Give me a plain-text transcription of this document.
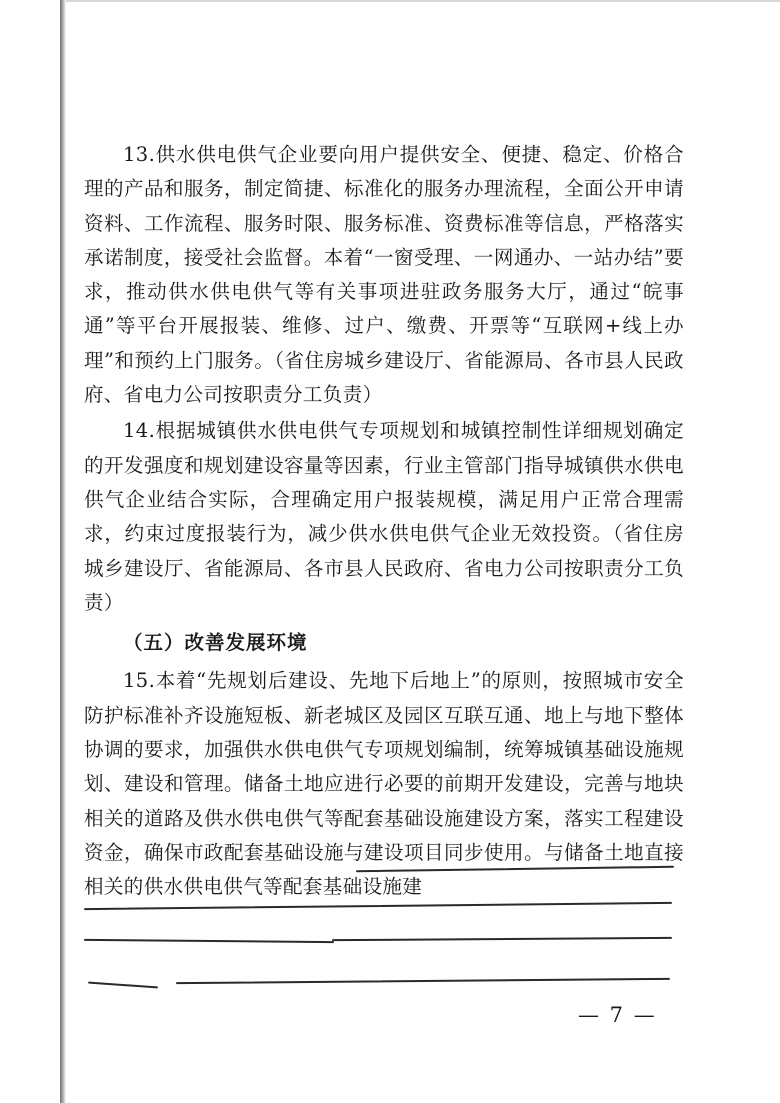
13.供水供电供气企业要向用户提供安全、便捷、稳定、价格合理的产品和服务，制定简捷、标准化的服务办理流程，全面公开申请资料、工作流程、服务时限、服务标准、资费标准等信息，严格落实承诺制度，接受社会监督。本着“一窗受理、一网通办、一站办结”要求，推动供水供电供气等有关事项进驻政务服务大厅，通过“皖事通”等平台开展报装、维修、过户、缴费、开票等“互联网+线上办理”和预约上门服务。（省住房城乡建设厅、省能源局、各市县人民政府、省电力公司按职责分工负责）

14.根据城镇供水供电供气专项规划和城镇控制性详细规划确定的开发强度和规划建设容量等因素，行业主管部门指导城镇供水供电供气企业结合实际，合理确定用户报装规模，满足用户正常合理需求，约束过度报装行为，减少供水供电供气企业无效投资。（省住房城乡建设厅、省能源局、各市县人民政府、省电力公司按职责分工负责）

（五）改善发展环境

15.本着“先规划后建设、先地下后地上”的原则，按照城市安全防护标准补齐设施短板、新老城区及园区互联互通、地上与地下整体协调的要求，加强供水供电供气专项规划编制，统筹城镇基础设施规划、建设和管理。储备土地应进行必要的前期开发建设，完善与地块相关的道路及供水供电供气等配套基础设施建设方案，落实工程建设资金，确保市政配套基础设施与建设项目同步使用。与储备土地直接相关的供水供电供气等配套基础设施建

— 7 —
